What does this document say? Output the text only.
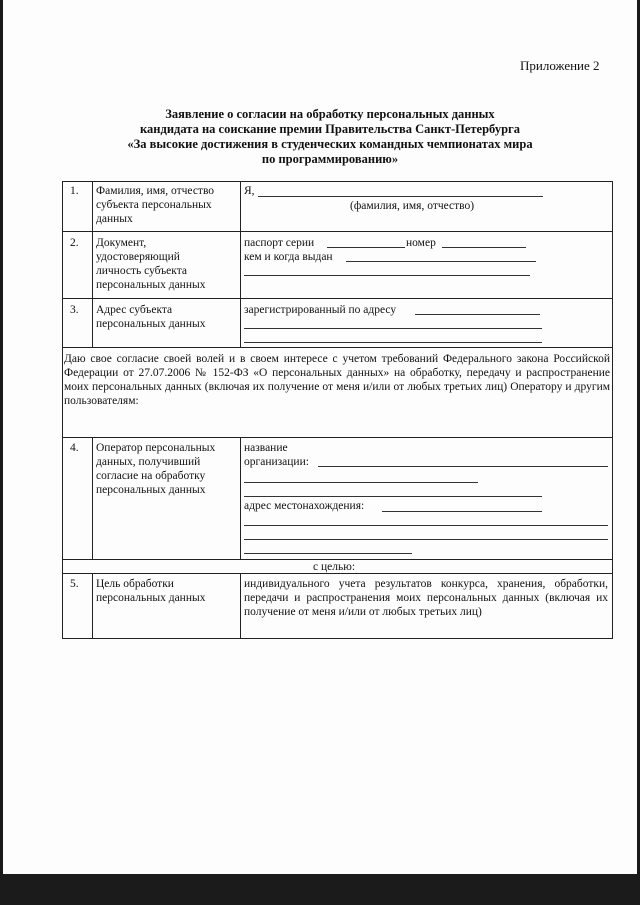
Приложение 2
Заявление о согласии на обработку персональных данных
кандидата на соискание премии Правительства Санкт-Петербурга
«За высокие достижения в студенческих командных чемпионатах мира
по программированию»
1. Фамилия, имя, отчество
субъекта персональных
данных
Я,
(фамилия, имя, отчество)
2. Документ,
удостоверяющий
личность субъекта
персональных данных
паспорт серии	номер
кем и когда выдан
3. Адрес субъекта
персональных данных
зарегистрированный по адресу
Даю свое согласие своей волей и в своем интересе с учетом требований Федерального закона Российской Федерации от 27.07.2006 № 152-ФЗ «О персональных данных» на обработку, передачу и распространение моих персональных данных (включая их получение от меня и/или от любых третьих лиц) Оператору и другим пользователям:
4. Оператор персональных
данных, получивший
согласие на обработку
персональных данных
название
организации:
адрес местонахождения:
с целью:
5. Цель обработки
персональных данных
индивидуального учета результатов конкурса, хранения, обработки, передачи и распространения моих персональных данных (включая их получение от меня и/или от любых третьих лиц)
